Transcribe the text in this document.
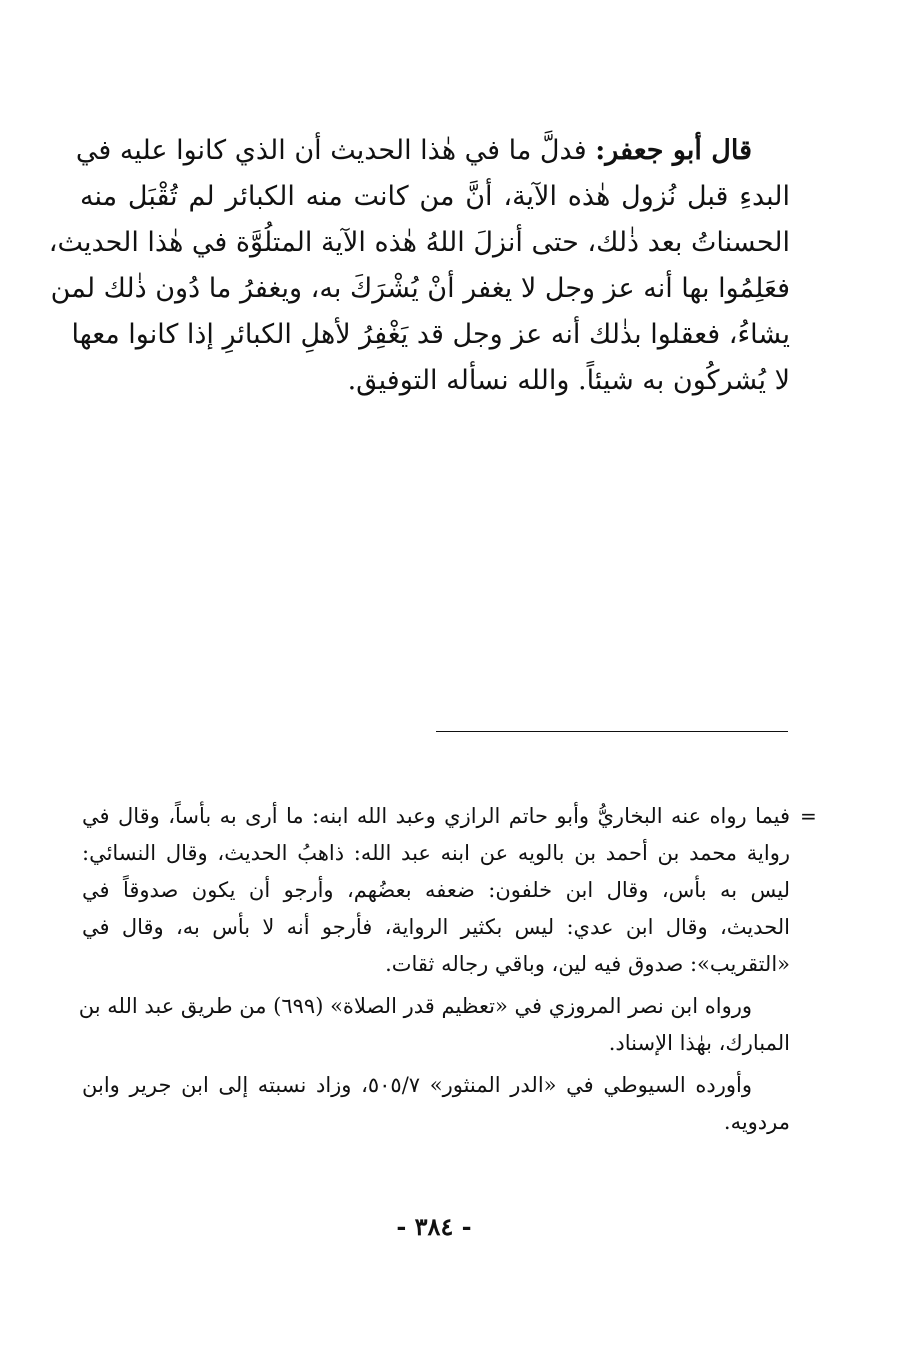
قال أبو جعفر: فدلَّ ما في هٰذا الحديث أن الذي كانوا عليه في
البدءِ قبل نُزول هٰذه الآية، أنَّ من كانت منه الكبائر لم تُقْبَل منه
الحسناتُ بعد ذٰلك، حتى أنزلَ اللهُ هٰذه الآية المتلُوَّة في هٰذا الحديث،
فعَلِمُوا بها أنه عز وجل لا يغفر أنْ يُشْرَكَ به، ويغفرُ ما دُون ذٰلك لمن
يشاءُ، فعقلوا بذٰلك أنه عز وجل قد يَغْفِرُ لأهلِ الكبائرِ إذا كانوا معها
لا يُشركُون به شيئاً. والله نسأله التوفيق.
=
فيما رواه عنه البخاريُّ وأبو حاتم الرازي وعبد الله ابنه: ما أرى به بأساً، وقال في
رواية محمد بن أحمد بن بالويه عن ابنه عبد الله: ذاهبُ الحديث، وقال النسائي:
ليس به بأس، وقال ابن خلفون: ضعفه بعضُهم، وأرجو أن يكون صدوقاً في
الحديث، وقال ابن عدي: ليس بكثير الرواية، فأرجو أنه لا بأس به، وقال في
«التقريب»: صدوق فيه لين، وباقي رجاله ثقات.
ورواه ابن نصر المروزي في «تعظيم قدر الصلاة» (٦٩٩) من طريق عبد الله بن
المبارك، بهٰذا الإسناد.
وأورده السيوطي في «الدر المنثور» ٥٠٥/٧، وزاد نسبته إلى ابن جرير وابن
مردويه.
- ٣٨٤ -
